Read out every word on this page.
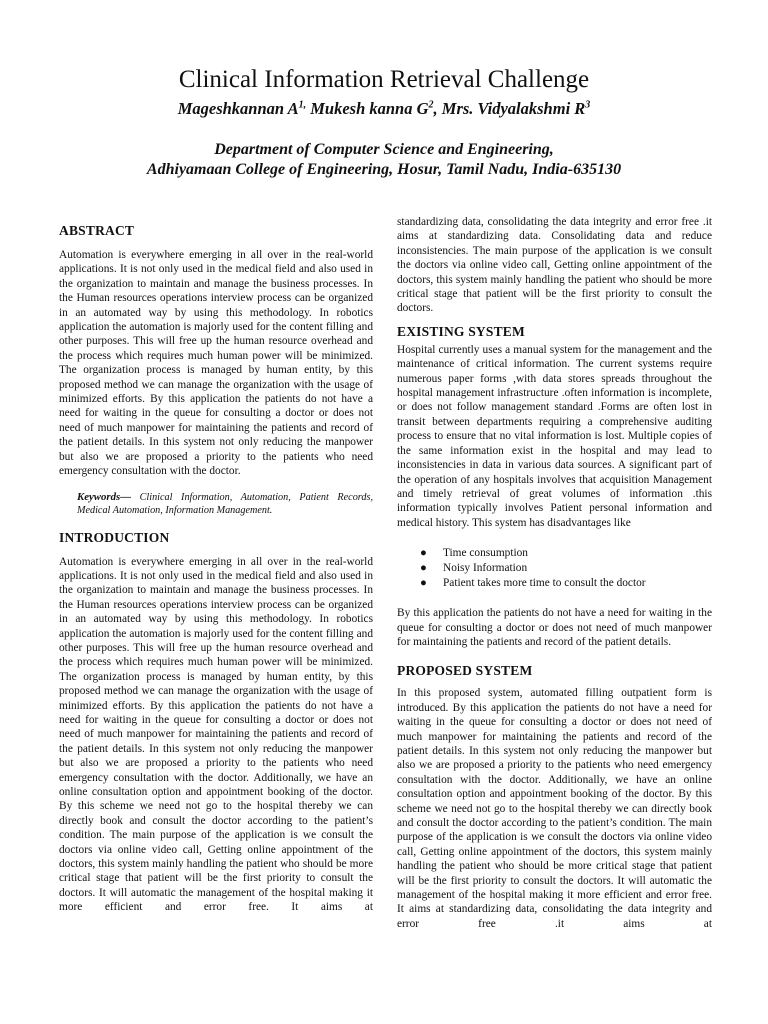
Clinical Information Retrieval Challenge
Mageshkannan $A^{1,}$ Mukesh kanna $G^2$, Mrs. Vidyalakshmi $R^3$
Department of Computer Science and Engineering,
Adhiyamaan College of Engineering, Hosur, Tamil Nadu, India-635130
ABSTRACT

Automation is everywhere emerging in all over in the real-world applications. It is not only used in the medical field and also used in the organization to maintain and manage the business processes. In the Human resources operations interview process can be organized in an automated way by using this methodology. In robotics application the automation is majorly used for the content filling and other purposes. This will free up the human resource overhead and the process which requires much human power will be minimized. The organization process is managed by human entity, by this proposed method we can manage the organization with the usage of minimized efforts. By this application the patients do not have a need for waiting in the queue for consulting a doctor or does not need of much manpower for maintaining the patients and record of the patient details. In this system not only reducing the manpower but also we are proposed a priority to the patients who need emergency consultation with the doctor.

Keywords— Clinical Information, Automation, Patient Records, Medical Automation, Information Management.

INTRODUCTION

Automation is everywhere emerging in all over in the real-world applications. It is not only used in the medical field and also used in the organization to maintain and manage the business processes. In the Human resources operations interview process can be organized in an automated way by using this methodology. In robotics application the automation is majorly used for the content filling and other purposes. This will free up the human resource overhead and the process which requires much human power will be minimized. The organization process is managed by human entity, by this proposed method we can manage the organization with the usage of minimized efforts. By this application the patients do not have a need for waiting in the queue for consulting a doctor or does not need of much manpower for maintaining the patients and record of the patient details. In this system not only reducing the manpower but also we are proposed a priority to the patients who need emergency consultation with the doctor. Additionally, we have an online consultation option and appointment booking of the doctor. By this scheme we need not go to the hospital thereby we can directly book and consult the doctor according to the patient’s condition. The main purpose of the application is we consult the doctors via online video call, Getting online appointment of the doctors, this system mainly handling the patient who should be more critical stage that patient will be the first priority to consult the doctors. It will automatic the management of the hospital making it more efficient and error free. It aims at

standardizing data, consolidating the data integrity and error free .it aims at standardizing data. Consolidating data and reduce inconsistencies. The main purpose of the application is we consult the doctors via online video call, Getting online appointment of the doctors, this system mainly handling the patient who should be more critical stage that patient will be the first priority to consult the doctors.

EXISTING SYSTEM

Hospital currently uses a manual system for the management and the maintenance of critical information. The current systems require numerous paper forms ,with data stores spreads throughout the hospital management infrastructure .often information is incomplete, or does not follow management standard .Forms are often lost in transit between departments requiring a comprehensive auditing process to ensure that no vital information is lost. Multiple copies of the same information exist in the hospital and may lead to inconsistencies in data in various data sources. A significant part of the operation of any hospitals involves that acquisition Management and timely retrieval of great volumes of information .this information typically involves Patient personal information and medical history. This system has disadvantages like

● Time consumption
● Noisy Information
● Patient takes more time to consult the doctor

By this application the patients do not have a need for waiting in the queue for consulting a doctor or does not need of much manpower for maintaining the patients and record of the patient details.

PROPOSED SYSTEM

In this proposed system, automated filling outpatient form is introduced. By this application the patients do not have a need for waiting in the queue for consulting a doctor or does not need of much manpower for maintaining the patients and record of the patient details. In this system not only reducing the manpower but also we are proposed a priority to the patients who need emergency consultation with the doctor. Additionally, we have an online consultation option and appointment booking of the doctor. By this scheme we need not go to the hospital thereby we can directly book and consult the doctor according to the patient’s condition. The main purpose of the application is we consult the doctors via online video call, Getting online appointment of the doctors, this system mainly handling the patient who should be more critical stage that patient will be the first priority to consult the doctors. It will automatic the management of the hospital making it more efficient and error free. It aims at standardizing data, consolidating the data integrity and error free .it aims at
